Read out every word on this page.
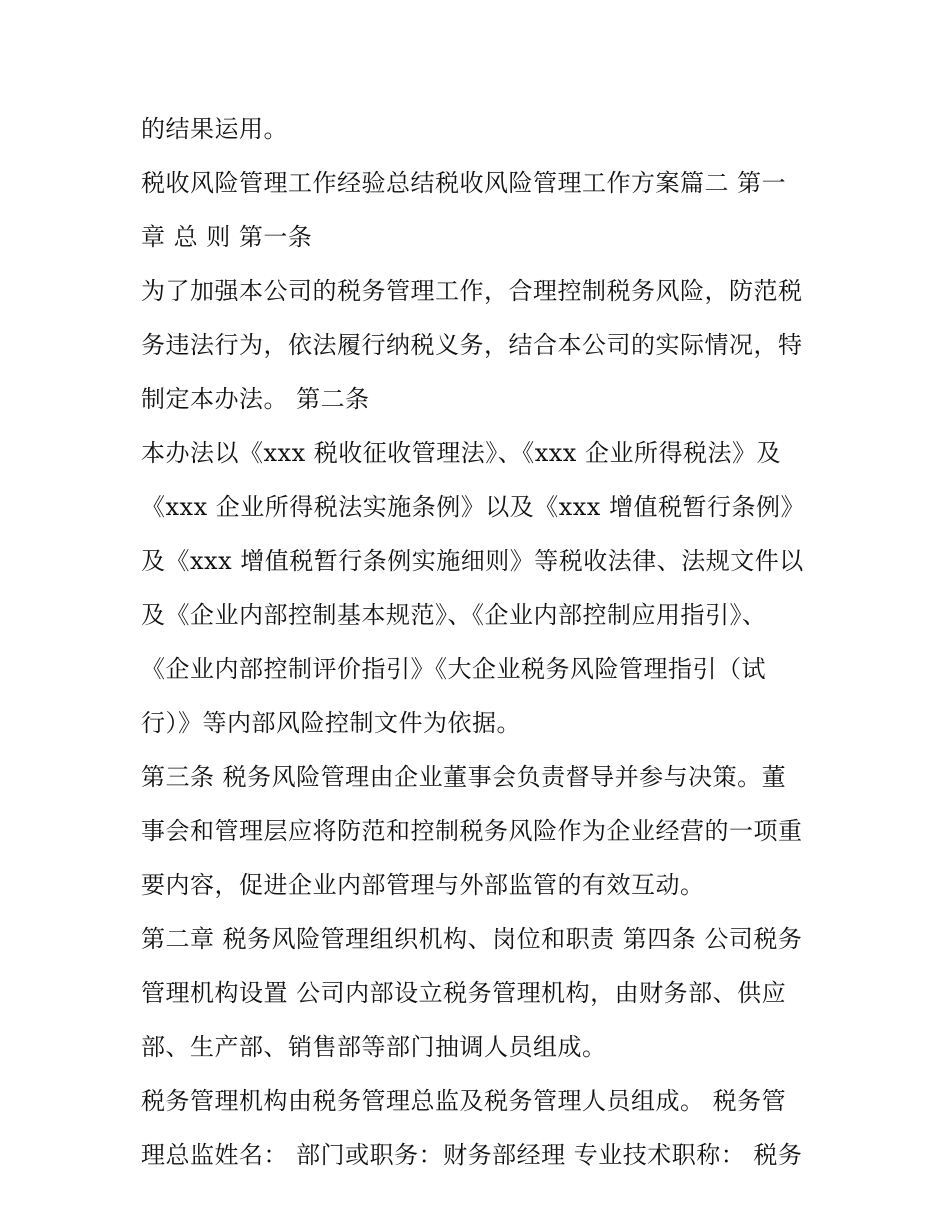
的结果运用。
税收风险管理工作经验总结税收风险管理工作方案篇二 第一
章 总 则 第一条
为了加强本公司的税务管理工作，合理控制税务风险，防范税
务违法行为，依法履行纳税义务，结合本公司的实际情况，特
制定本办法。 第二条
本办法以《xxx 税收征收管理法》、《xxx 企业所得税法》及
《xxx 企业所得税法实施条例》以及《xxx 增值税暂行条例》
及《xxx 增值税暂行条例实施细则》等税收法律、法规文件以
及《企业内部控制基本规范》、《企业内部控制应用指引》、
《企业内部控制评价指引》《大企业税务风险管理指引（试
行）》等内部风险控制文件为依据。
第三条 税务风险管理由企业董事会负责督导并参与决策。董
事会和管理层应将防范和控制税务风险作为企业经营的一项重
要内容，促进企业内部管理与外部监管的有效互动。
第二章 税务风险管理组织机构、岗位和职责 第四条 公司税务
管理机构设置 公司内部设立税务管理机构，由财务部、供应
部、生产部、销售部等部门抽调人员组成。
税务管理机构由税务管理总监及税务管理人员组成。 税务管
理总监姓名： 部门或职务：财务部经理 专业技术职称： 税务
